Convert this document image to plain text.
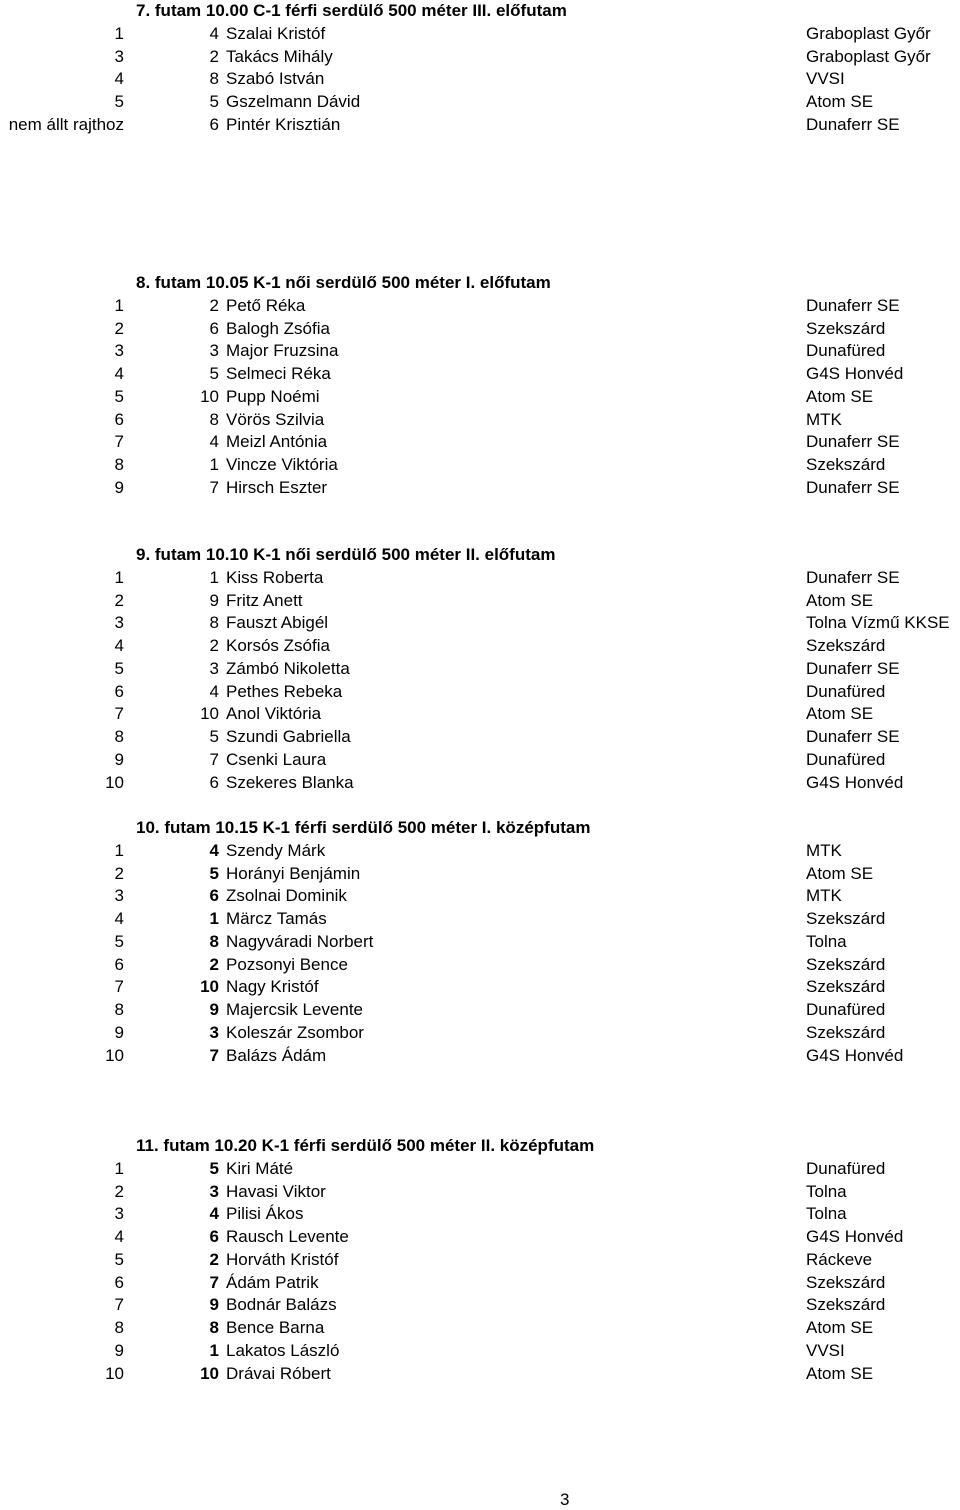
7. futam 10.00 C-1 férfi serdülő 500 méter III. előfutam
1	4 Szalai Kristóf	Graboplast Győr
3	2 Takács Mihály	Graboplast Győr
4	8 Szabó István	VVSI
5	5 Gszelmann Dávid	Atom SE
nem állt rajthoz	6 Pintér Krisztián	Dunaferr SE
8. futam 10.05 K-1 női serdülő 500 méter I. előfutam
1	2 Pető Réka	Dunaferr SE
2	6 Balogh Zsófia	Szekszárd
3	3 Major Fruzsina	Dunafüred
4	5 Selmeci Réka	G4S Honvéd
5	10 Pupp Noémi	Atom SE
6	8 Vörös Szilvia	MTK
7	4 Meizl Antónia	Dunaferr SE
8	1 Vincze Viktória	Szekszárd
9	7 Hirsch Eszter	Dunaferr SE
9. futam 10.10 K-1 női serdülő 500 méter II. előfutam
1	1 Kiss Roberta	Dunaferr SE
2	9 Fritz Anett	Atom SE
3	8 Fauszt Abigél	Tolna Vízmű KKSE
4	2 Korsós Zsófia	Szekszárd
5	3 Zámbó Nikoletta	Dunaferr SE
6	4 Pethes Rebeka	Dunafüred
7	10 Anol Viktória	Atom SE
8	5 Szundi Gabriella	Dunaferr SE
9	7 Csenki Laura	Dunafüred
10	6 Szekeres Blanka	G4S Honvéd
10. futam 10.15 K-1 férfi serdülő 500 méter I. középfutam
1	4 Szendy Márk	MTK
2	5 Horányi Benjámin	Atom SE
3	6 Zsolnai Dominik	MTK
4	1 Märcz Tamás	Szekszárd
5	8 Nagyváradi Norbert	Tolna
6	2 Pozsonyi Bence	Szekszárd
7	10 Nagy Kristóf	Szekszárd
8	9 Majercsik Levente	Dunafüred
9	3 Koleszár Zsombor	Szekszárd
10	7 Balázs Ádám	G4S Honvéd
11. futam 10.20 K-1 férfi serdülő 500 méter II. középfutam
1	5 Kiri Máté	Dunafüred
2	3 Havasi Viktor	Tolna
3	4 Pilisi Ákos	Tolna
4	6 Rausch Levente	G4S Honvéd
5	2 Horváth Kristóf	Ráckeve
6	7 Ádám Patrik	Szekszárd
7	9 Bodnár Balázs	Szekszárd
8	8 Bence Barna	Atom SE
9	1 Lakatos László	VVSI
10	10 Drávai Róbert	Atom SE
3
